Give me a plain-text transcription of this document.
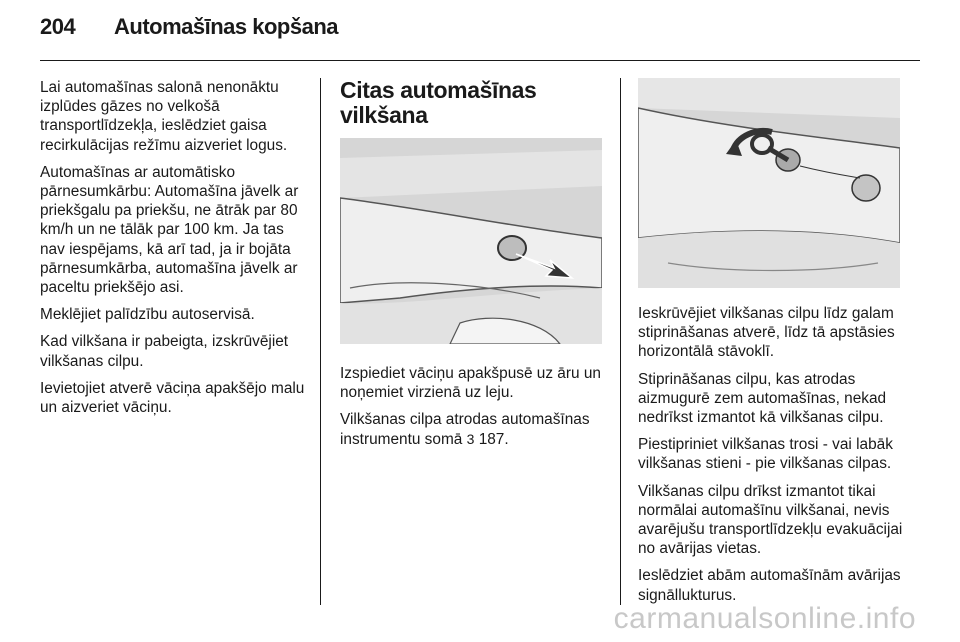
204	Automašīnas kopšana

Lai automašīnas salonā nenonāktu izplūdes gāzes no velkošā transportlīdzekļa, ieslēdziet gaisa recirkulācijas režīmu aizveriet logus.

Automašīnas ar automātisko pārnesumkārbu: Automašīna jāvelk ar priekšgalu pa priekšu, ne ātrāk par 80 km/h un ne tālāk par 100 km. Ja tas nav iespējams, kā arī tad, ja ir bojāta pārnesumkārba, automašīna jāvelk ar paceltu priekšējo asi.

Meklējiet palīdzību autoservisā.

Kad vilkšana ir pabeigta, izskrūvējiet vilkšanas cilpu.

Ievietojiet atverē vāciņa apakšējo malu un aizveriet vāciņu.

Citas automašīnas
vilkšana

Izspiediet vāciņu apakšpusē uz āru un noņemiet virzienā uz leju.

Vilkšanas cilpa atrodas automašīnas instrumentu somā 3 187.

Ieskrūvējiet vilkšanas cilpu līdz galam stiprināšanas atverē, līdz tā apstāsies horizontālā stāvoklī.

Stiprināšanas cilpu, kas atrodas aizmugurē zem automašīnas, nekad nedrīkst izmantot kā vilkšanas cilpu.

Piestipriniet vilkšanas trosi - vai labāk vilkšanas stieni - pie vilkšanas cilpas.

Vilkšanas cilpu drīkst izmantot tikai normālai automašīnu vilkšanai, nevis avarējušu transportlīdzekļu evakuācijai no avārijas vietas.

Ieslēdziet abām automašīnām avārijas signāllukturus.

carmanualsonline.info
